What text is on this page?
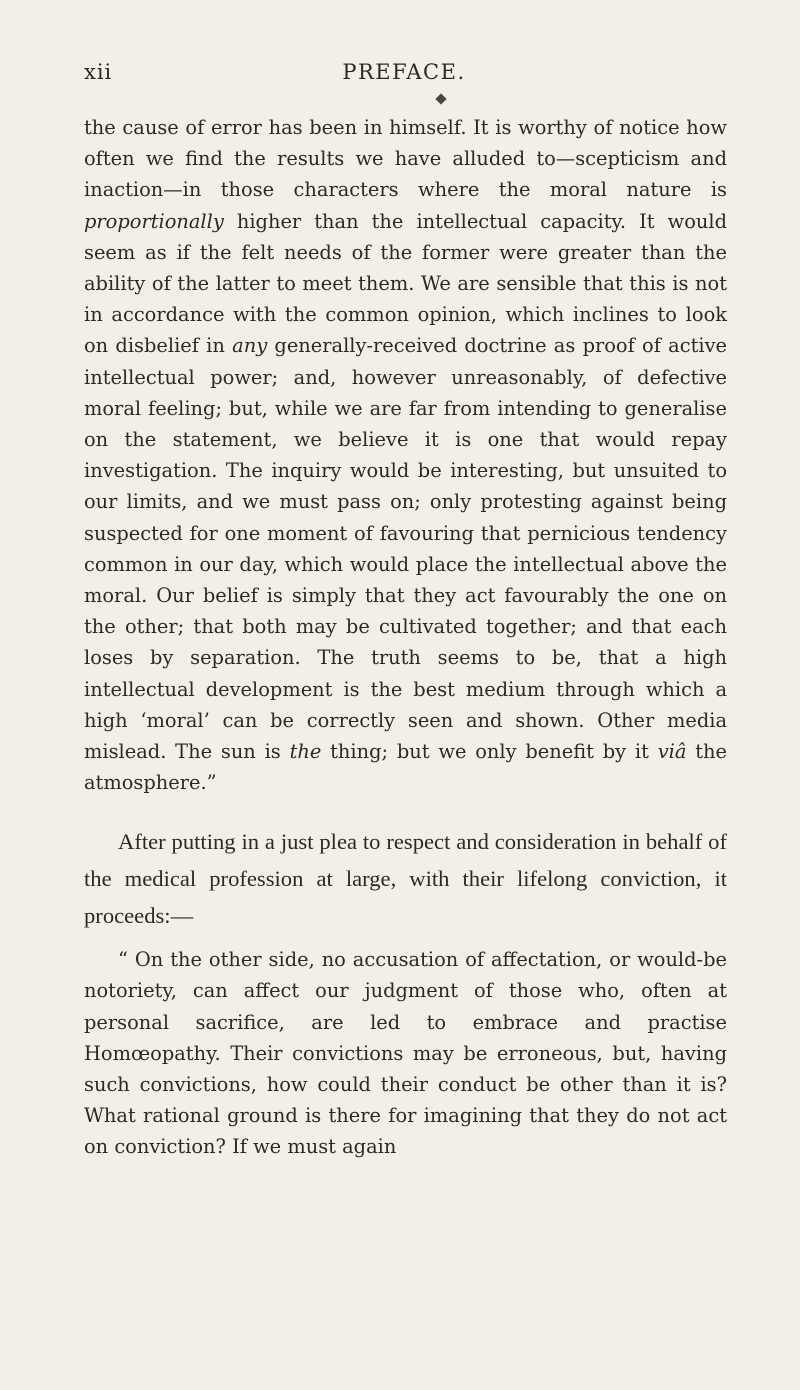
xii	PREFACE.

the cause of error has been in himself. It is worthy of notice how often we find the results we have alluded to—scepticism and inaction—in those characters where the moral nature is proportionally higher than the intellectual capacity. It would seem as if the felt needs of the former were greater than the ability of the latter to meet them. We are sensible that this is not in accordance with the common opinion, which inclines to look on disbelief in any generally-received doctrine as proof of active intellectual power; and, however unreasonably, of defective moral feeling; but, while we are far from intending to generalise on the statement, we believe it is one that would repay investigation. The inquiry would be interesting, but unsuited to our limits, and we must pass on; only protesting against being suspected for one moment of favouring that pernicious tendency common in our day, which would place the intellectual above the moral. Our belief is simply that they act favourably the one on the other; that both may be cultivated together; and that each loses by separation. The truth seems to be, that a high intellectual development is the best medium through which a high ‘moral’ can be correctly seen and shown. Other media mislead. The sun is the thing; but we only benefit by it viâ the atmosphere.”

After putting in a just plea to respect and consideration in behalf of the medical profession at large, with their lifelong conviction, it proceeds:—

“ On the other side, no accusation of affectation, or would-be notoriety, can affect our judgment of those who, often at personal sacrifice, are led to embrace and practise Homœopathy. Their convictions may be erroneous, but, having such convictions, how could their conduct be other than it is? What rational ground is there for imagining that they do not act on conviction? If we must again
